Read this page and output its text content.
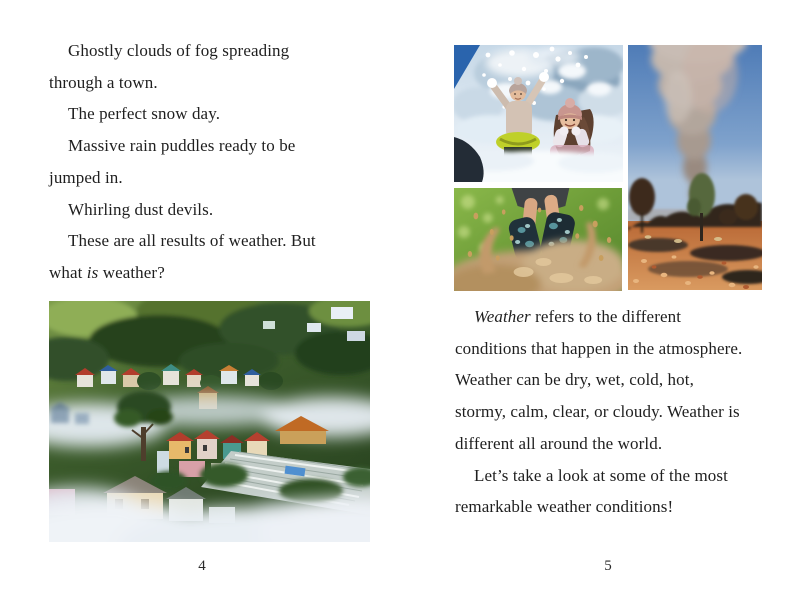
Ghostly clouds of fog spreading through a town.

The perfect snow day.

Massive rain puddles ready to be jumped in.

Whirling dust devils.

These are all results of weather. But what is weather?

4

Weather refers to the different conditions that happen in the atmosphere. Weather can be dry, wet, cold, hot, stormy, calm, clear, or cloudy. Weather is different all around the world.

Let’s take a look at some of the most remarkable weather conditions!

5
